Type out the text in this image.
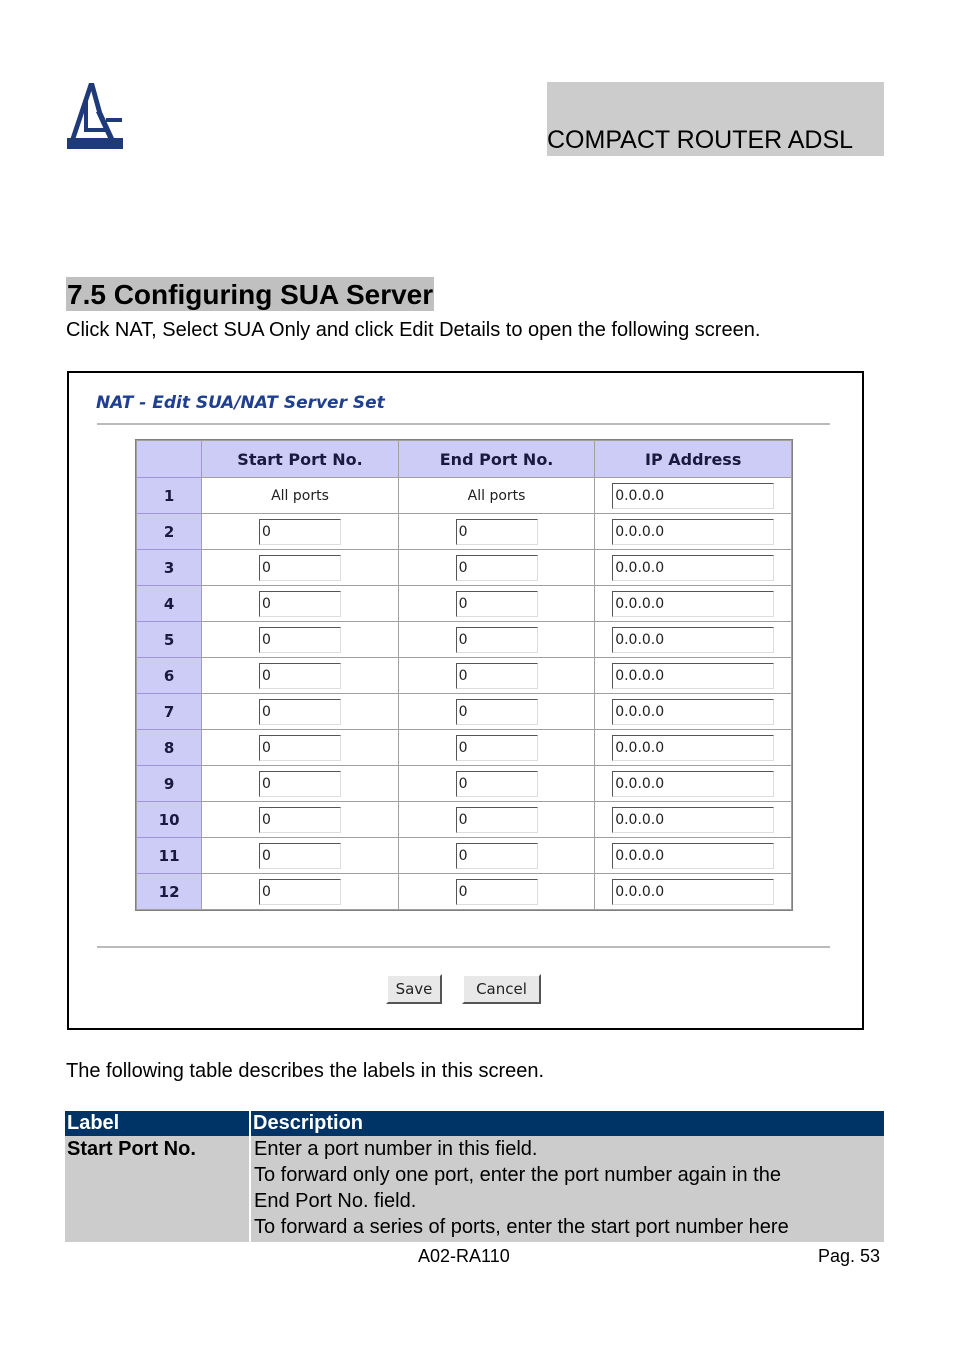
COMPACT ROUTER ADSL
7.5 Configuring SUA Server
Click NAT, Select SUA Only and click Edit Details to open the following screen.
NAT - Edit SUA/NAT Server Set
	Start Port No.	End Port No.	IP Address
1	All ports	All ports	0.0.0.0
2	0	0	0.0.0.0
3	0	0	0.0.0.0
4	0	0	0.0.0.0
5	0	0	0.0.0.0
6	0	0	0.0.0.0
7	0	0	0.0.0.0
8	0	0	0.0.0.0
9	0	0	0.0.0.0
10	0	0	0.0.0.0
11	0	0	0.0.0.0
12	0	0	0.0.0.0
Save	Cancel
The following table describes the labels in this screen.
Label	Description
Start Port No.	Enter a port number in this field.
To forward only one port, enter the port number again in the
End Port No. field.
To forward a series of ports, enter the start port number here
A02-RA110	Pag. 53
